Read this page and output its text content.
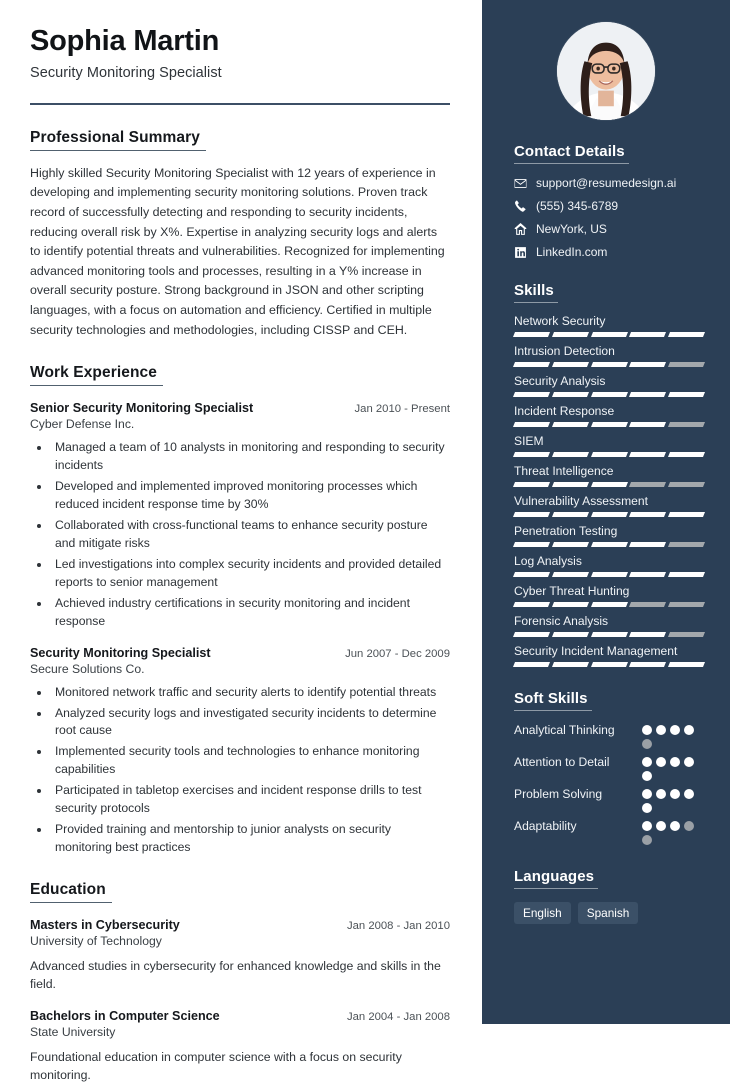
Sophia Martin
Security Monitoring Specialist
Professional Summary
Highly skilled Security Monitoring Specialist with 12 years of experience in developing and implementing security monitoring solutions. Proven track record of successfully detecting and responding to security incidents, reducing overall risk by X%. Expertise in analyzing security logs and alerts to identify potential threats and vulnerabilities. Recognized for implementing advanced monitoring tools and processes, resulting in a Y% increase in overall security posture. Strong background in JSON and other scripting languages, with a focus on automation and efficiency. Certified in multiple security technologies and methodologies, including CISSP and CEH.
Work Experience
Senior Security Monitoring Specialist	Jan 2010 - Present
Cyber Defense Inc.
• Managed a team of 10 analysts in monitoring and responding to security incidents
• Developed and implemented improved monitoring processes which reduced incident response time by 30%
• Collaborated with cross-functional teams to enhance security posture and mitigate risks
• Led investigations into complex security incidents and provided detailed reports to senior management
• Achieved industry certifications in security monitoring and incident response
Security Monitoring Specialist	Jun 2007 - Dec 2009
Secure Solutions Co.
• Monitored network traffic and security alerts to identify potential threats
• Analyzed security logs and investigated security incidents to determine root cause
• Implemented security tools and technologies to enhance monitoring capabilities
• Participated in tabletop exercises and incident response drills to test security protocols
• Provided training and mentorship to junior analysts on security monitoring best practices
Education
Masters in Cybersecurity	Jan 2008 - Jan 2010
University of Technology
Advanced studies in cybersecurity for enhanced knowledge and skills in the field.
Bachelors in Computer Science	Jan 2004 - Jan 2008
State University
Foundational education in computer science with a focus on security monitoring.
Contact Details
support@resumedesign.ai
(555) 345-6789
NewYork, US
LinkedIn.com
Skills
Network Security
Intrusion Detection
Security Analysis
Incident Response
SIEM
Threat Intelligence
Vulnerability Assessment
Penetration Testing
Log Analysis
Cyber Threat Hunting
Forensic Analysis
Security Incident Management
Soft Skills
Analytical Thinking
Attention to Detail
Problem Solving
Adaptability
Languages
English	Spanish
